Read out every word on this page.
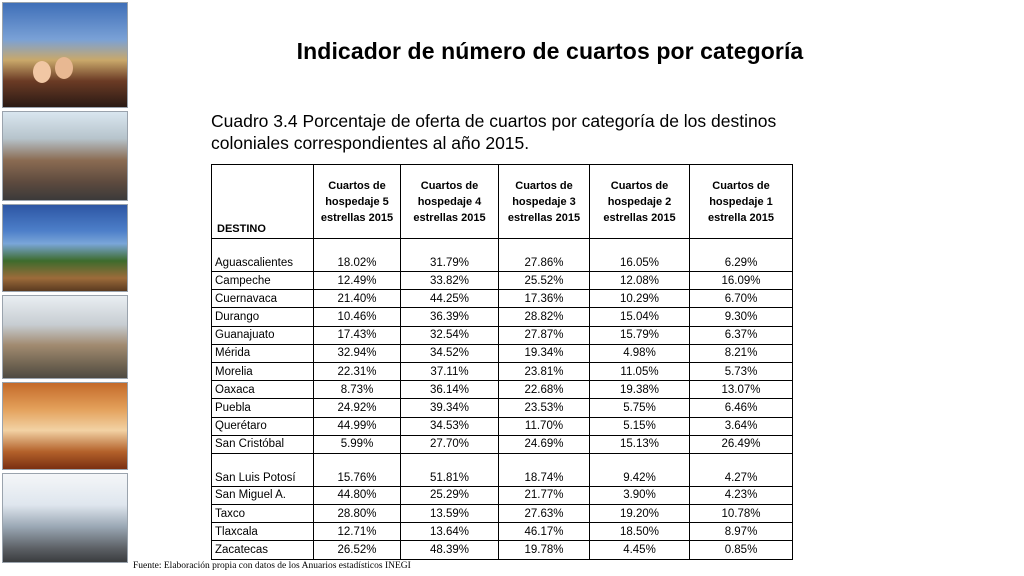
Indicador de número de cuartos por categoría
Cuadro 3.4 Porcentaje de oferta de cuartos por categoría de los destinos coloniales correspondientes al año 2015.
DESTINO	Cuartos de hospedaje 5 estrellas 2015	Cuartos de hospedaje 4 estrellas 2015	Cuartos de hospedaje 3 estrellas 2015	Cuartos de hospedaje 2 estrellas 2015	Cuartos de hospedaje 1 estrella 2015
Aguascalientes	18.02%	31.79%	27.86%	16.05%	6.29%
Campeche	12.49%	33.82%	25.52%	12.08%	16.09%
Cuernavaca	21.40%	44.25%	17.36%	10.29%	6.70%
Durango	10.46%	36.39%	28.82%	15.04%	9.30%
Guanajuato	17.43%	32.54%	27.87%	15.79%	6.37%
Mérida	32.94%	34.52%	19.34%	4.98%	8.21%
Morelia	22.31%	37.11%	23.81%	11.05%	5.73%
Oaxaca	8.73%	36.14%	22.68%	19.38%	13.07%
Puebla	24.92%	39.34%	23.53%	5.75%	6.46%
Querétaro	44.99%	34.53%	11.70%	5.15%	3.64%
San Cristóbal	5.99%	27.70%	24.69%	15.13%	26.49%
San Luis Potosí	15.76%	51.81%	18.74%	9.42%	4.27%
San Miguel A.	44.80%	25.29%	21.77%	3.90%	4.23%
Taxco	28.80%	13.59%	27.63%	19.20%	10.78%
Tlaxcala	12.71%	13.64%	46.17%	18.50%	8.97%
Zacatecas	26.52%	48.39%	19.78%	4.45%	0.85%
Fuente: Elaboración propia con datos de los Anuarios estadísticos INEGI
